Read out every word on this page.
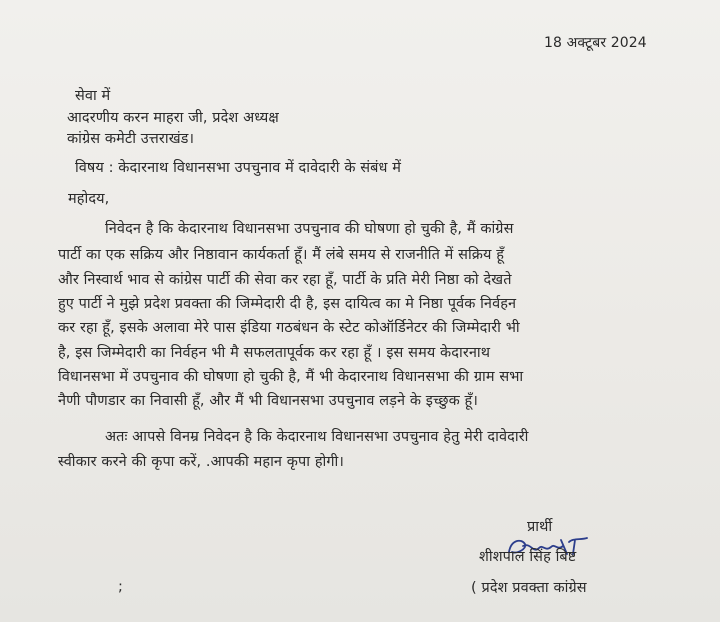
18 अक्टूबर 2024
सेवा में
आदरणीय करन माहरा जी, प्रदेश अध्यक्ष
कांग्रेस कमेटी उत्तराखंड।
विषय : केदारनाथ विधानसभा उपचुनाव में दावेदारी के संबंध में
महोदय,
निवेदन है कि केदारनाथ विधानसभा उपचुनाव की घोषणा हो चुकी है, मैं कांग्रेस
पार्टी का एक सक्रिय और निष्ठावान कार्यकर्ता हूँ। मैं लंबे समय से राजनीति में सक्रिय हूँ
और निस्वार्थ भाव से कांग्रेस पार्टी की सेवा कर रहा हूँ, पार्टी के प्रति मेरी निष्ठा को देखते
हुए पार्टी ने मुझे प्रदेश प्रवक्ता की जिम्मेदारी दी है, इस दायित्व का मे निष्ठा पूर्वक निर्वहन
कर रहा हूँ, इसके अलावा मेरे पास इंडिया गठबंधन के स्टेट कोऑर्डिनेटर की जिम्मेदारी भी
है, इस जिम्मेदारी का निर्वहन भी मै सफलतापूर्वक कर रहा हूँ । इस समय केदारनाथ
विधानसभा में उपचुनाव की घोषणा हो चुकी है, मैं भी केदारनाथ विधानसभा की ग्राम सभा
नैणी पौणडार का निवासी हूँ, और मैं भी विधानसभा उपचुनाव लड़ने के इच्छुक हूँ।
अतः आपसे विनम्र निवेदन है कि केदारनाथ विधानसभा उपचुनाव हेतु मेरी दावेदारी
स्वीकार करने की कृपा करें, .आपकी महान कृपा होगी।
प्रार्थी
शीशपाल सिंह बिष्ट
( प्रदेश प्रवक्ता कांग्रेस
;
